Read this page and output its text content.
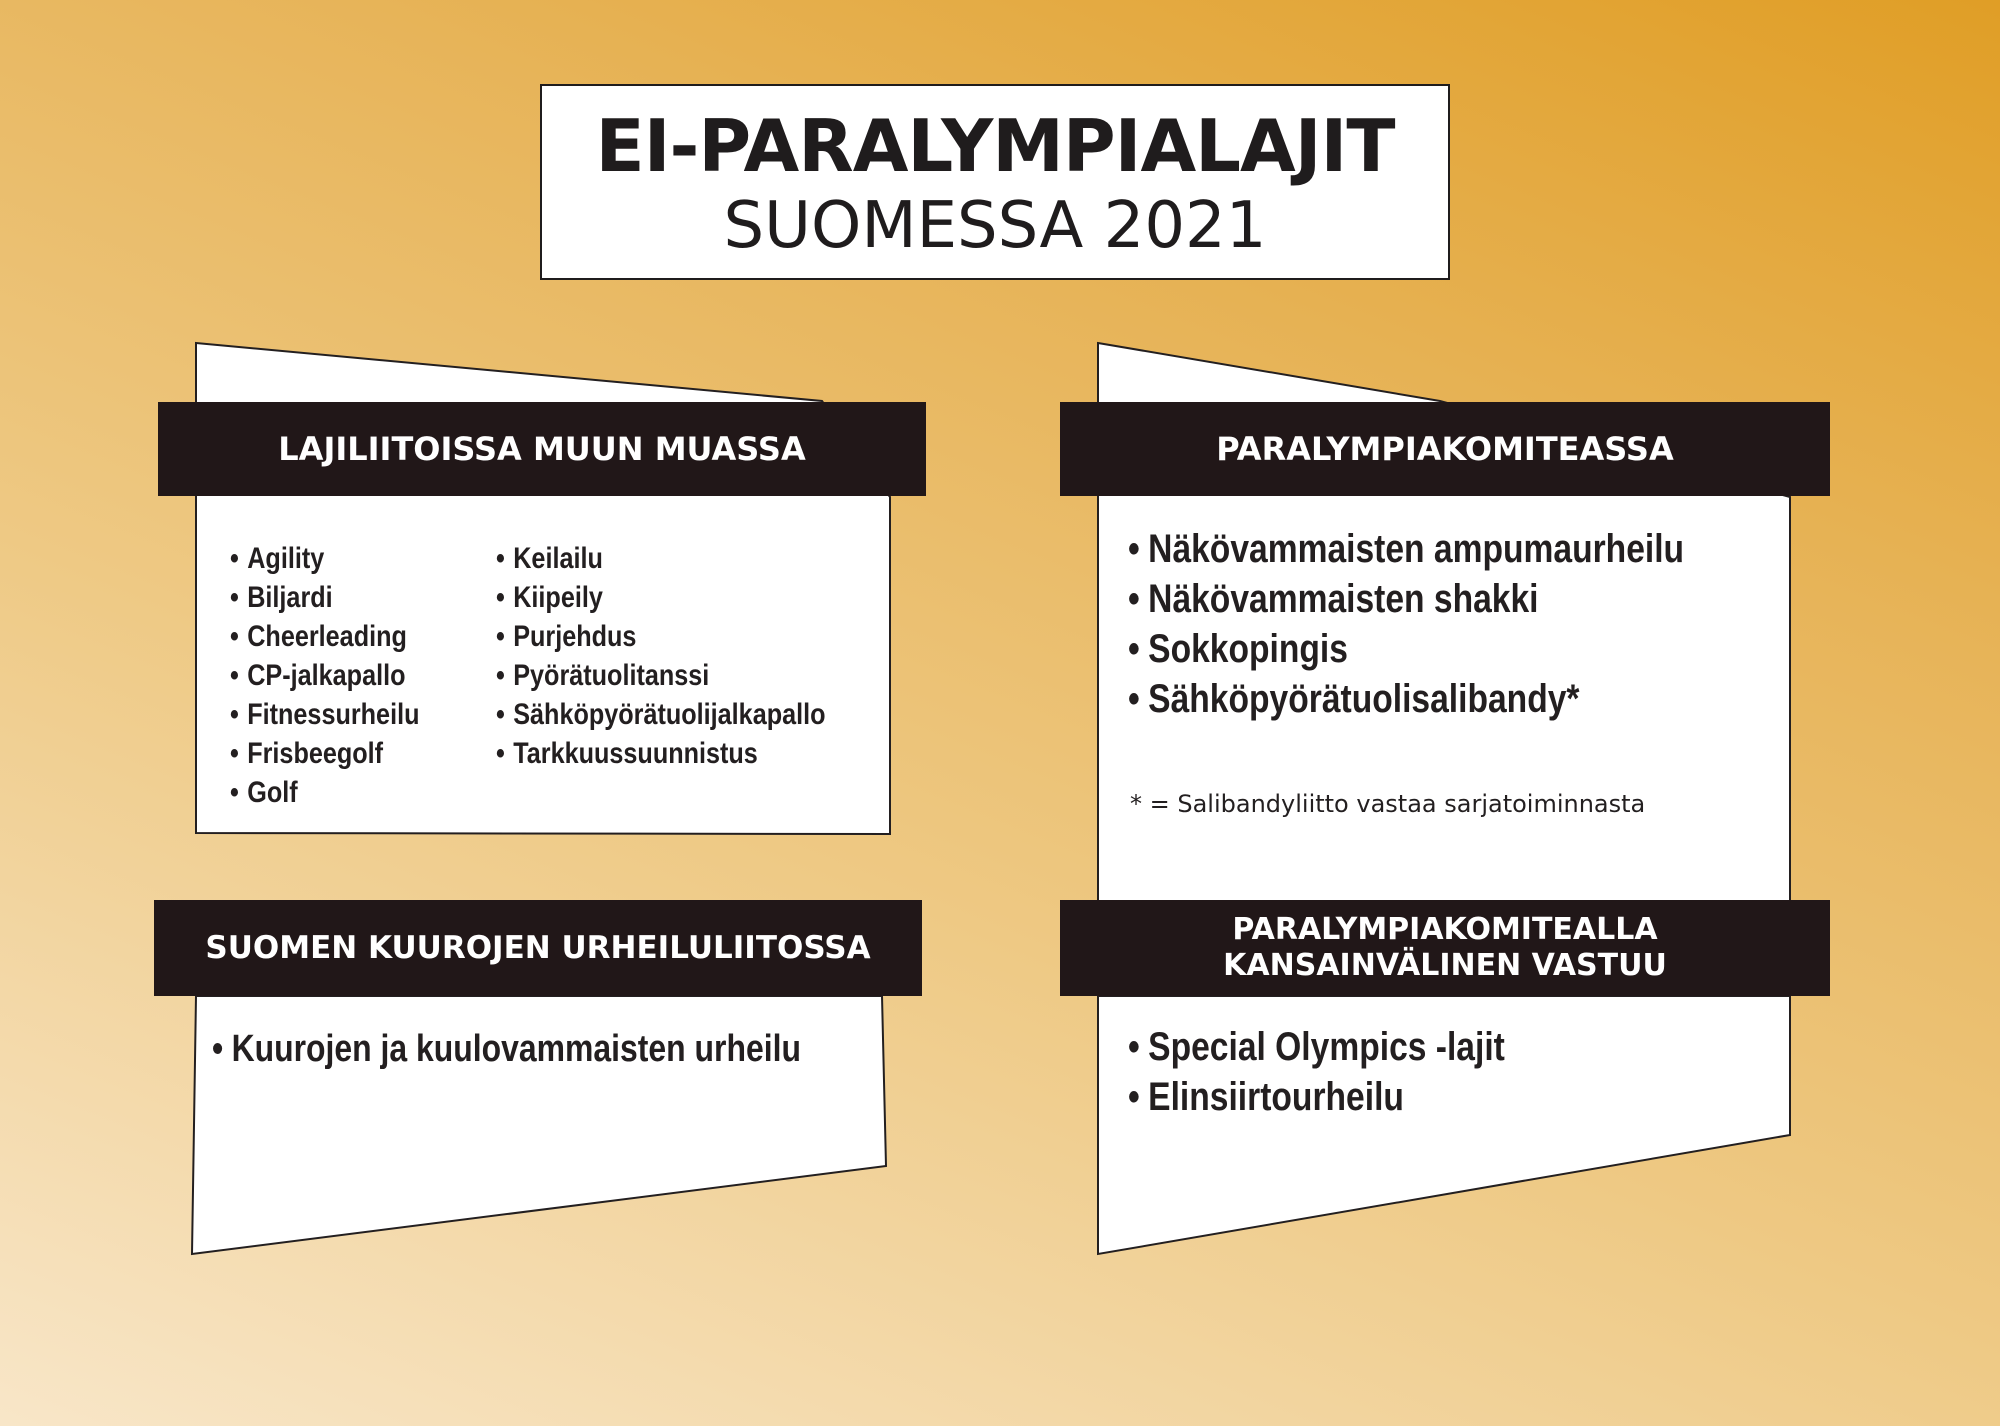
EI-PARALYMPIALAJIT
SUOMESSA 2021
LAJILIITOISSA MUUN MUASSA
• Agility
• Biljardi
• Cheerleading
• CP-jalkapallo
• Fitnessurheilu
• Frisbeegolf
• Golf
• Keilailu
• Kiipeily
• Purjehdus
• Pyörätuolitanssi
• Sähköpyörätuolijalkapallo
• Tarkkuussuunnistus
PARALYMPIAKOMITEASSA
• Näkövammaisten ampumaurheilu
• Näkövammaisten shakki
• Sokkopingis
• Sähköpyörätuolisalibandy*
* = Salibandyliitto vastaa sarjatoiminnasta
SUOMEN KUUROJEN URHEILULIITOSSA
• Kuurojen ja kuulovammaisten urheilu
PARALYMPIAKOMITEALLA
KANSAINVÄLINEN VASTUU
• Special Olympics -lajit
• Elinsiirtourheilu
